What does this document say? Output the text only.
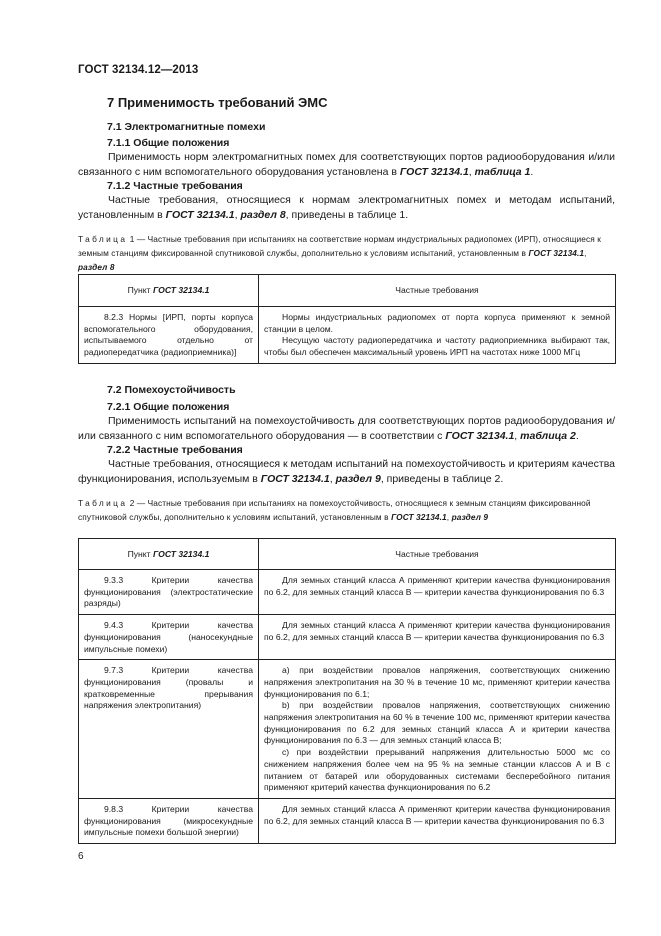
ГОСТ 32134.12—2013
7 Применимость требований ЭМС
7.1 Электромагнитные помехи
7.1.1 Общие положения

Применимость норм электромагнитных помех для соответствующих портов радиооборудования и/или связанного с ним вспомогательного оборудования установлена в ГОСТ 32134.1, таблица 1.

7.1.2 Частные требования

Частные требования, относящиеся к нормам электромагнитных помех и методам испытаний, установленным в ГОСТ 32134.1, раздел 8, приведены в таблице 1.

Таблица 1 — Частные требования при испытаниях на соответствие нормам индустриальных радиопомех (ИРП), относящиеся к земным станциям фиксированной спутниковой службы, дополнительно к условиям испытаний, установленным в ГОСТ 32134.1, раздел 8
Пункт ГОСТ 32134.1	Частные требования
8.2.3 Нормы [ИРП, порты корпуса вспомогательного оборудования, испытываемого отдельно от радиопередатчика (радиоприемника)]	Нормы индустриальных радиопомех от порта корпуса применяют к земной станции в целом.
Несущую частоту радиопередатчика и частоту радиоприемника выбирают так, чтобы был обеспечен максимальный уровень ИРП на частотах ниже 1000 МГц
7.2 Помехоустойчивость
7.2.1 Общие положения

Применимость испытаний на помехоустойчивость для соответствующих портов радиооборудования и/или связанного с ним вспомогательного оборудования — в соответствии с ГОСТ 32134.1, таблица 2.

7.2.2 Частные требования

Частные требования, относящиеся к методам испытаний на помехоустойчивость и критериям качества функционирования, используемым в ГОСТ 32134.1, раздел 9, приведены в таблице 2.

Таблица 2 — Частные требования при испытаниях на помехоустойчивость, относящиеся к земным станциям фиксированной спутниковой службы, дополнительно к условиям испытаний, установленным в ГОСТ 32134.1, раздел 9
Пункт ГОСТ 32134.1	Частные требования
9.3.3 Критерии качества функционирования (электростатические разряды)	Для земных станций класса А применяют критерии качества функционирования по 6.2, для земных станций класса В — критерии качества функционирования по 6.3

9.4.3 Критерии качества функционирования (наносекундные импульсные помехи)	Для земных станций класса А применяют критерии качества функционирования по 6.2, для земных станций класса В — критерии качества функционирования по 6.3

9.7.3 Критерии качества функционирования (провалы и кратковременные прерывания напряжения электропитания)	а) при воздействии провалов напряжения, соответствующих снижению напряжения электропитания на 30 % в течение 10 мс, применяют критерии качества функционирования по 6.1;
b) при воздействии провалов напряжения, соответствующих снижению напряжения электропитания на 60 % в течение 100 мс, применяют критерии качества функционирования по 6.2 для земных станций класса А и критерии качества функционирования по 6.3 — для земных станций класса В;
c) при воздействии прерываний напряжения длительностью 5000 мс со снижением напряжения более чем на 95 % на земные станции классов А и В с питанием от батарей или оборудованных системами бесперебойного питания применяют критерий качества функционирования по 6.2

9.8.3 Критерии качества функционирования (микросекундные импульсные помехи большой энергии)	Для земных станций класса А применяют критерии качества функционирования по 6.2, для земных станций класса В — критерии качества функционирования по 6.3
6
